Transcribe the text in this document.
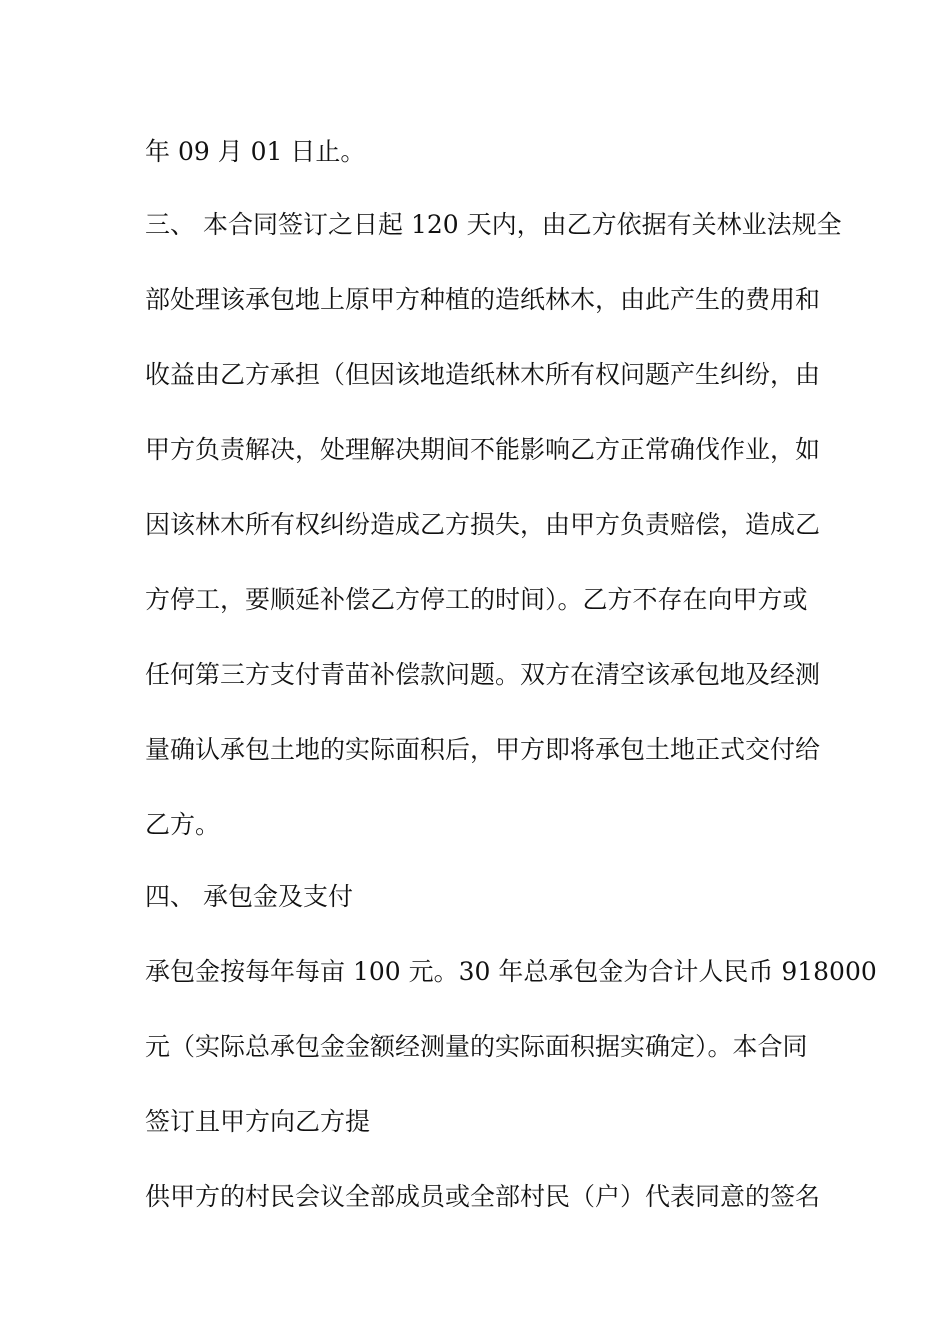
年 09 月 01 日止。
三、 本合同签订之日起 120 天内，由乙方依据有关林业法规全
部处理该承包地上原甲方种植的造纸林木，由此产生的费用和
收益由乙方承担（但因该地造纸林木所有权问题产生纠纷，由
甲方负责解决，处理解决期间不能影响乙方正常确伐作业，如
因该林木所有权纠纷造成乙方损失，由甲方负责赔偿，造成乙
方停工，要顺延补偿乙方停工的时间）。乙方不存在向甲方或
任何第三方支付青苗补偿款问题。双方在清空该承包地及经测
量确认承包土地的实际面积后，甲方即将承包土地正式交付给
乙方。
四、 承包金及支付
承包金按每年每亩 100 元。30 年总承包金为合计人民币 918000
元（实际总承包金金额经测量的实际面积据实确定）。本合同
签订且甲方向乙方提
供甲方的村民会议全部成员或全部村民（户）代表同意的签名
